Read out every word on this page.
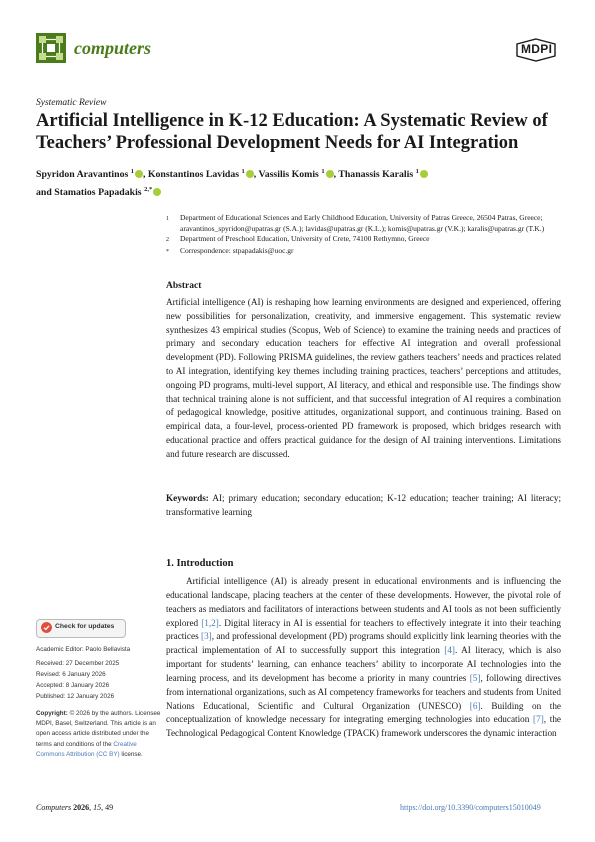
computers	MDPI
Systematic Review
Artificial Intelligence in K-12 Education: A Systematic Review of Teachers’ Professional Development Needs for AI Integration
Spyridon Aravantinos $^1$ , Konstantinos Lavidas $^1$ , Vassilis Komis $^1$ , Thanassis Karalis $^1$
and Stamatios Papadakis $^{2,*}$
1	Department of Educational Sciences and Early Childhood Education, University of Patras Greece, 26504 Patras, Greece; aravantinos_spyridon@upatras.gr (S.A.); lavidas@upatras.gr (K.L.); komis@upatras.gr (V.K.); karalis@upatras.gr (T.K.)
2	Department of Preschool Education, University of Crete, 74100 Rethymno, Greece
*	Correspondence: stpapadakis@uoc.gr
Abstract

Artificial intelligence (AI) is reshaping how learning environments are designed and experienced, offering new possibilities for personalization, creativity, and immersive engagement. This systematic review synthesizes 43 empirical studies (Scopus, Web of Science) to examine the training needs and practices of primary and secondary education teachers for effective AI integration and overall professional development (PD). Following PRISMA guidelines, the review gathers teachers’ needs and practices related to AI integration, identifying key themes including training practices, teachers’ perceptions and attitudes, ongoing PD programs, multi-level support, AI literacy, and ethical and responsible use. The findings show that technical training alone is not sufficient, and that successful integration of AI requires a combination of pedagogical knowledge, positive attitudes, organizational support, and continuous training. Based on empirical data, a four-level, process-oriented PD framework is proposed, which bridges research with educational practice and offers practical guidance for the design of AI training interventions. Limitations and future research are discussed.

Keywords: AI; primary education; secondary education; K-12 education; teacher training; AI literacy; transformative learning

1. Introduction

Artificial intelligence (AI) is already present in educational environments and is influencing the educational landscape, placing teachers at the center of these developments. However, the pivotal role of teachers as mediators and facilitators of interactions between students and AI tools as not been sufficiently explored [1,2]. Digital literacy in AI is essential for teachers to effectively integrate it into their teaching practices [3], and professional development (PD) programs should explicitly link learning theories with the practical implementation of AI to successfully support this integration [4]. AI literacy, which is also important for students’ learning, can enhance teachers’ ability to incorporate AI technologies into the learning process, and its development has become a priority in many countries [5], following directives from international organizations, such as AI competency frameworks for teachers and students from United Nations Educational, Scientific and Cultural Organization (UNESCO) [6]. Building on the conceptualization of knowledge necessary for integrating emerging technologies into education [7], the Technological Pedagogical Content Knowledge (TPACK) framework underscores the dynamic interaction

Check for updates
Academic Editor: Paolo Bellavista
Received: 27 December 2025
Revised: 6 January 2026
Accepted: 8 January 2026
Published: 12 January 2026
Copyright: © 2026 by the authors. Licensee MDPI, Basel, Switzerland. This article is an open access article distributed under the terms and conditions of the Creative Commons Attribution (CC BY) license.
Computers 2026, 15, 49	https://doi.org/10.3390/computers15010049
